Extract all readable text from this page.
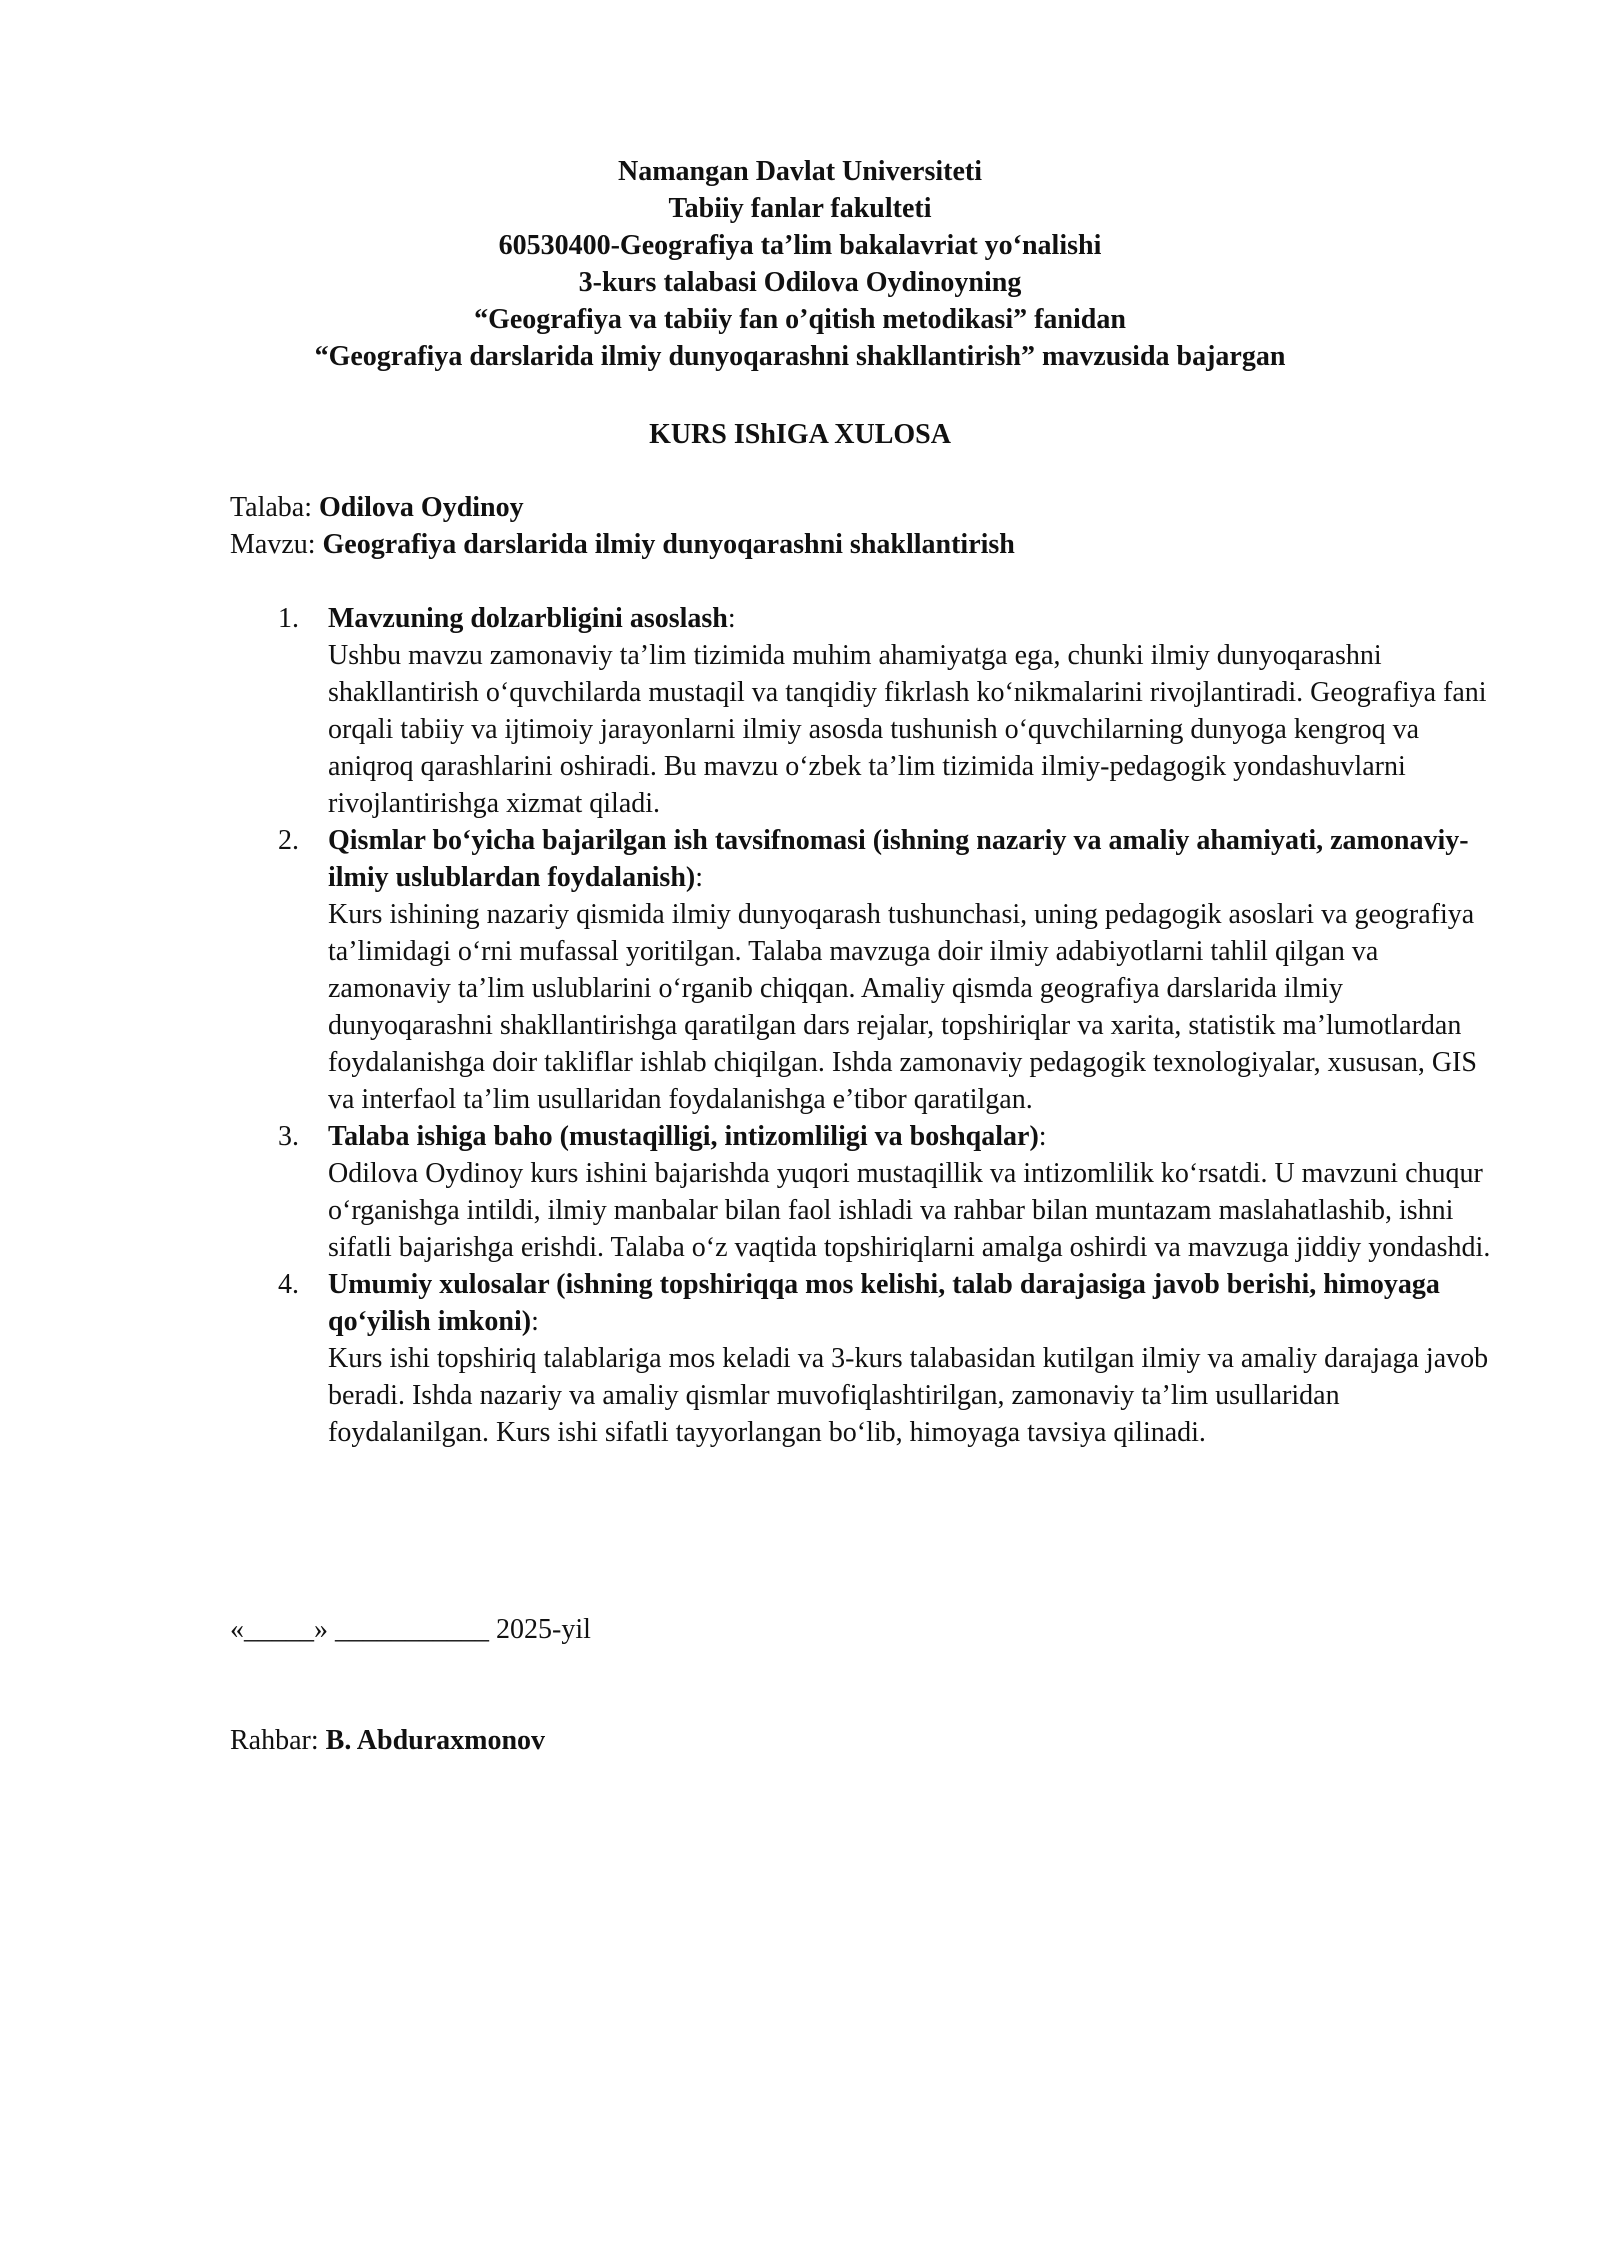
Namangan Davlat Universiteti
Tabiiy fanlar fakulteti
60530400-Geografiya ta’lim bakalavriat yo‘nalishi
3-kurs talabasi Odilova Oydinoyning
“Geografiya va tabiiy fan o’qitish metodikasi” fanidan
“Geografiya darslarida ilmiy dunyoqarashni shakllantirish” mavzusida bajargan
KURS IShIGA XULOSA
Talaba: Odilova Oydinoy
Mavzu: Geografiya darslarida ilmiy dunyoqarashni shakllantirish
1. Mavzuning dolzarbligini asoslash:
Ushbu mavzu zamonaviy ta’lim tizimida muhim ahamiyatga ega, chunki ilmiy dunyoqarashni shakllantirish o‘quvchilarda mustaqil va tanqidiy fikrlash ko‘nikmalarini rivojlantiradi. Geografiya fani orqali tabiiy va ijtimoiy jarayonlarni ilmiy asosda tushunish o‘quvchilarning dunyoga kengroq va aniqroq qarashlarini oshiradi. Bu mavzu o‘zbek ta’lim tizimida ilmiy-pedagogik yondashuvlarni rivojlantirishga xizmat qiladi.
2. Qismlar bo‘yicha bajarilgan ish tavsifnomasi (ishning nazariy va amaliy ahamiyati, zamonaviy-ilmiy uslublardan foydalanish):
Kurs ishining nazariy qismida ilmiy dunyoqarash tushunchasi, uning pedagogik asoslari va geografiya ta’limidagi o‘rni mufassal yoritilgan. Talaba mavzuga doir ilmiy adabiyotlarni tahlil qilgan va zamonaviy ta’lim uslublarini o‘rganib chiqqan. Amaliy qismda geografiya darslarida ilmiy dunyoqarashni shakllantirishga qaratilgan dars rejalar, topshiriqlar va xarita, statistik ma’lumotlardan foydalanishga doir takliflar ishlab chiqilgan. Ishda zamonaviy pedagogik texnologiyalar, xususan, GIS va interfaol ta’lim usullaridan foydalanishga e’tibor qaratilgan.
3. Talaba ishiga baho (mustaqilligi, intizomliligi va boshqalar):
Odilova Oydinoy kurs ishini bajarishda yuqori mustaqillik va intizomlilik ko‘rsatdi. U mavzuni chuqur o‘rganishga intildi, ilmiy manbalar bilan faol ishladi va rahbar bilan muntazam maslahatlashib, ishni sifatli bajarishga erishdi. Talaba o‘z vaqtida topshiriqlarni amalga oshirdi va mavzuga jiddiy yondashdi.
4. Umumiy xulosalar (ishning topshiriqqa mos kelishi, talab darajasiga javob berishi, himoyaga qo‘yilish imkoni):
Kurs ishi topshiriq talablariga mos keladi va 3-kurs talabasidan kutilgan ilmiy va amaliy darajaga javob beradi. Ishda nazariy va amaliy qismlar muvofiqlashtirilgan, zamonaviy ta’lim usullaridan foydalanilgan. Kurs ishi sifatli tayyorlangan bo‘lib, himoyaga tavsiya qilinadi.
«_____» ___________ 2025-yil
Rahbar: B. Abduraxmonov
